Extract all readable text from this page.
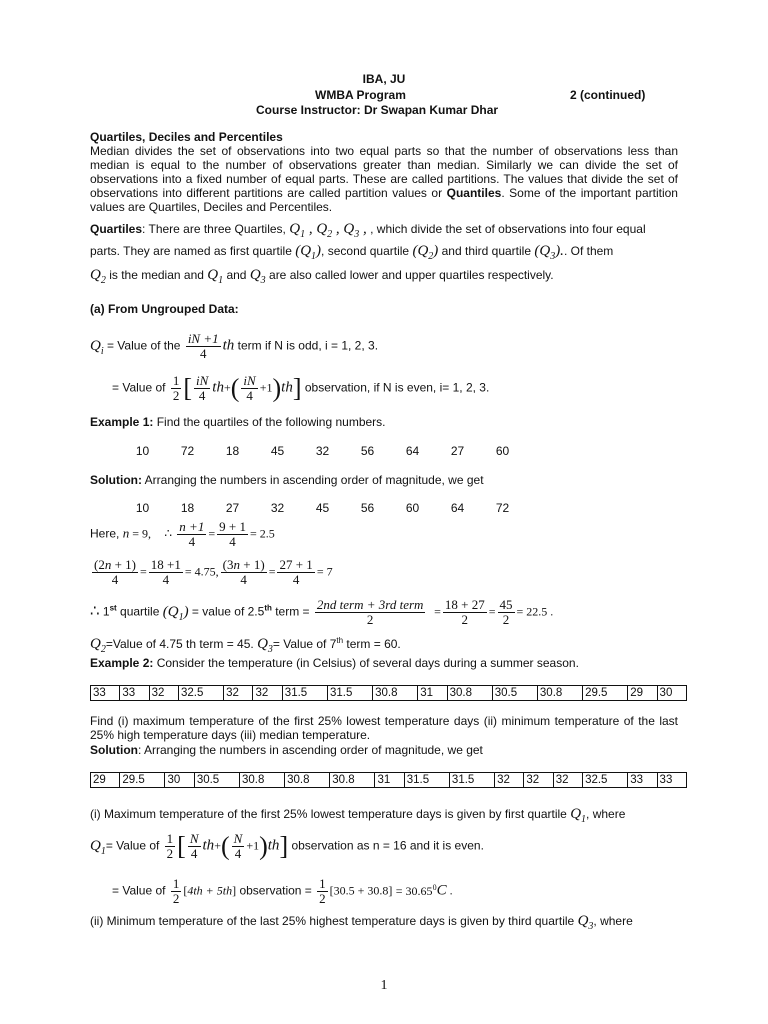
IBA, JU
WMBA Program	2 (continued)
Course Instructor: Dr Swapan Kumar Dhar
Quartiles, Deciles and Percentiles
Median divides the set of observations into two equal parts so that the number of observations less than median is equal to the number of observations greater than median. Similarly we can divide the set of observations into a fixed number of equal parts. These are called partitions. The values that divide the set of observations into different partitions are called partition values or Quantiles. Some of the important partition values are Quartiles, Deciles and Percentiles.
Quartiles: There are three Quartiles, $Q_1$ , $Q_2$ , $Q_3$ , , which divide the set of observations into four equal
parts. They are named as first quartile $(Q_1)$, second quartile $(Q_2)$ and third quartile $(Q_3)$.. Of them
$Q_2$ is the median and $Q_1$ and $Q_3$ are also called lower and upper quartiles respectively.
(a) From Ungrouped Data:
$Q_i$ = Value of the $\frac{iN +1}{4}$ th term if N is odd, i = 1, 2, 3.
= Value of $\frac{1}{2}$ [ $\frac{iN}{4} th+( \frac{iN}{4} +1)th$] observation, if N is even, i= 1, 2, 3.
Example 1: Find the quartiles of the following numbers.
10	72	18	45	32	56	64	27	60
Solution: Arranging the numbers in ascending order of magnitude, we get
10	18	27	32	45	56	60	64	72
Here, n = 9, ∴ $\frac{n +1}{4} = \frac{9 + 1}{4} = 2.5$
$\frac{(2n + 1)}{4} = \frac{18 +1}{4} = 4.75$, $\frac{(3n + 1)}{4} = \frac{27 + 1}{4} = 7$
∴ 1st quartile $(Q_1)$ = value of 2.5th term = $\frac{\text{2nd term + 3rd term}}{2} = \frac{18 + 27}{2} = \frac{45}{2} = 22.5$ .
$Q_2=Value$ of 4.75 th term = 45. $Q_3=$ Value of 7th term = 60.
Example 2: Consider the temperature (in Celsius) of several days during a summer season.
33	33	32	32.5	32	32	31.5	31.5	30.8	31	30.8	30.5	30.8	29.5	29	30
Find (i) maximum temperature of the first 25% lowest temperature days (ii) minimum temperature of the last 25% high temperature days (iii) median temperature.
Solution: Arranging the numbers in ascending order of magnitude, we get
29	29.5	30	30.5	30.8	30.8	30.8	31	31.5	31.5	32	32	32	32.5	33	33
(i) Maximum temperature of the first 25% lowest temperature days is given by first quartile $Q_1$, where
$Q_1=$ Value of $\frac{1}{2}$ [ $\frac{N}{4} th+( \frac{N}{4} +1)th$] observation as n = 16 and it is even.
= Value of $\frac{1}{2} [4th + 5th]$ observation = $\frac{1}{2} [30.5 + 30.8] = 30.65^0C$ .
(ii) Minimum temperature of the last 25% highest temperature days is given by third quartile $Q_3$, where
1
